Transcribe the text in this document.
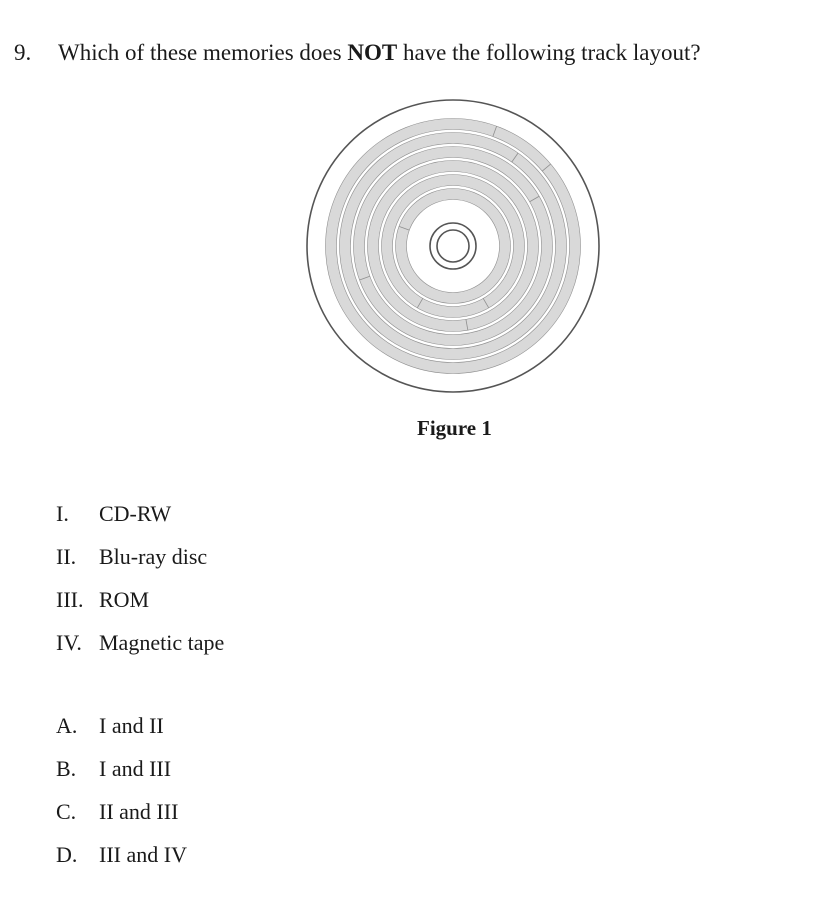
9. Which of these memories does NOT have the following track layout?
Figure 1
I. CD-RW
II. Blu-ray disc
III. ROM
IV. Magnetic tape
A. I and II
B. I and III
C. II and III
D. III and IV
